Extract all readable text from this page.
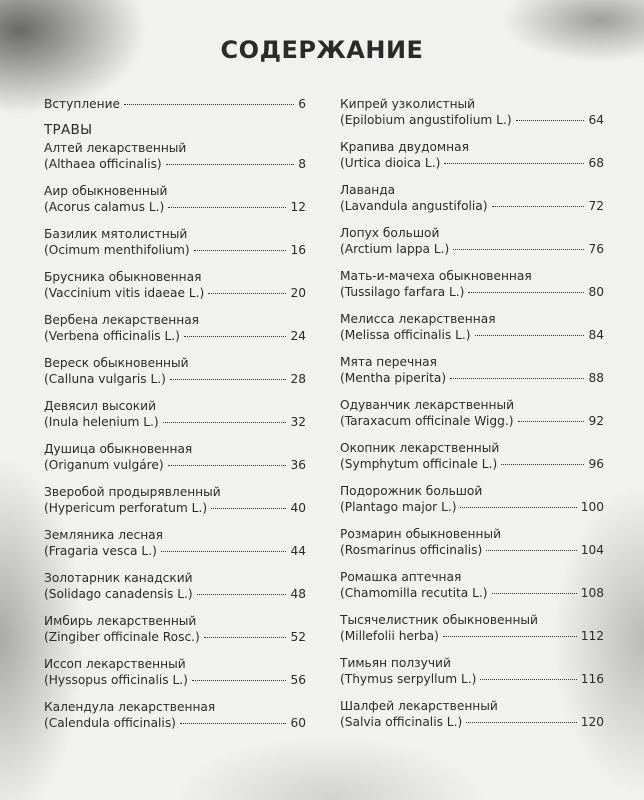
СОДЕРЖАНИЕ
Вступление	6
ТРАВЫ
Алтей лекарственный
(Althaea officinalis)	8
Аир обыкновенный
(Acorus calamus L.)	12
Базилик мятолистный
(Ocimum menthifolium)	16
Брусника обыкновенная
(Vaccinium vitis idaeae L.)	20
Вербена лекарственная
(Verbena officinalis L.)	24
Вереск обыкновенный
(Calluna vulgaris L.)	28
Девясил высокий
(Inula helenium L.)	32
Душица обыкновенная
(Origanum vulgáre)	36
Зверобой продырявленный
(Hypericum perforatum L.)	40
Земляника лесная
(Fragaria vesca L.)	44
Золотарник канадский
(Solidago canadensis L.)	48
Имбирь лекарственный
(Zingiber officinale Rosc.)	52
Иссоп лекарственный
(Hyssopus officinalis L.)	56
Календула лекарственная
(Calendula officinalis)	60
Кипрей узколистный
(Epilobium angustifolium L.)	64
Крапива двудомная
(Urtica dioica L.)	68
Лаванда
(Lavandula angustifolia)	72
Лопух большой
(Arctium lappa L.)	76
Мать-и-мачеха обыкновенная
(Tussilago farfara L.)	80
Мелисса лекарственная
(Melissa officinalis L.)	84
Мята перечная
(Mentha piperita)	88
Одуванчик лекарственный
(Taraxacum officinale Wigg.)	92
Окопник лекарственный
(Symphytum officinale L.)	96
Подорожник большой
(Plantago major L.)	100
Розмарин обыкновенный
(Rosmarinus officinalis)	104
Ромашка аптечная
(Chamomilla recutita L.)	108
Тысячелистник обыкновенный
(Millefolii herba)	112
Тимьян ползучий
(Thymus serpyllum L.)	116
Шалфей лекарственный
(Salvia officinalis L.)	120
